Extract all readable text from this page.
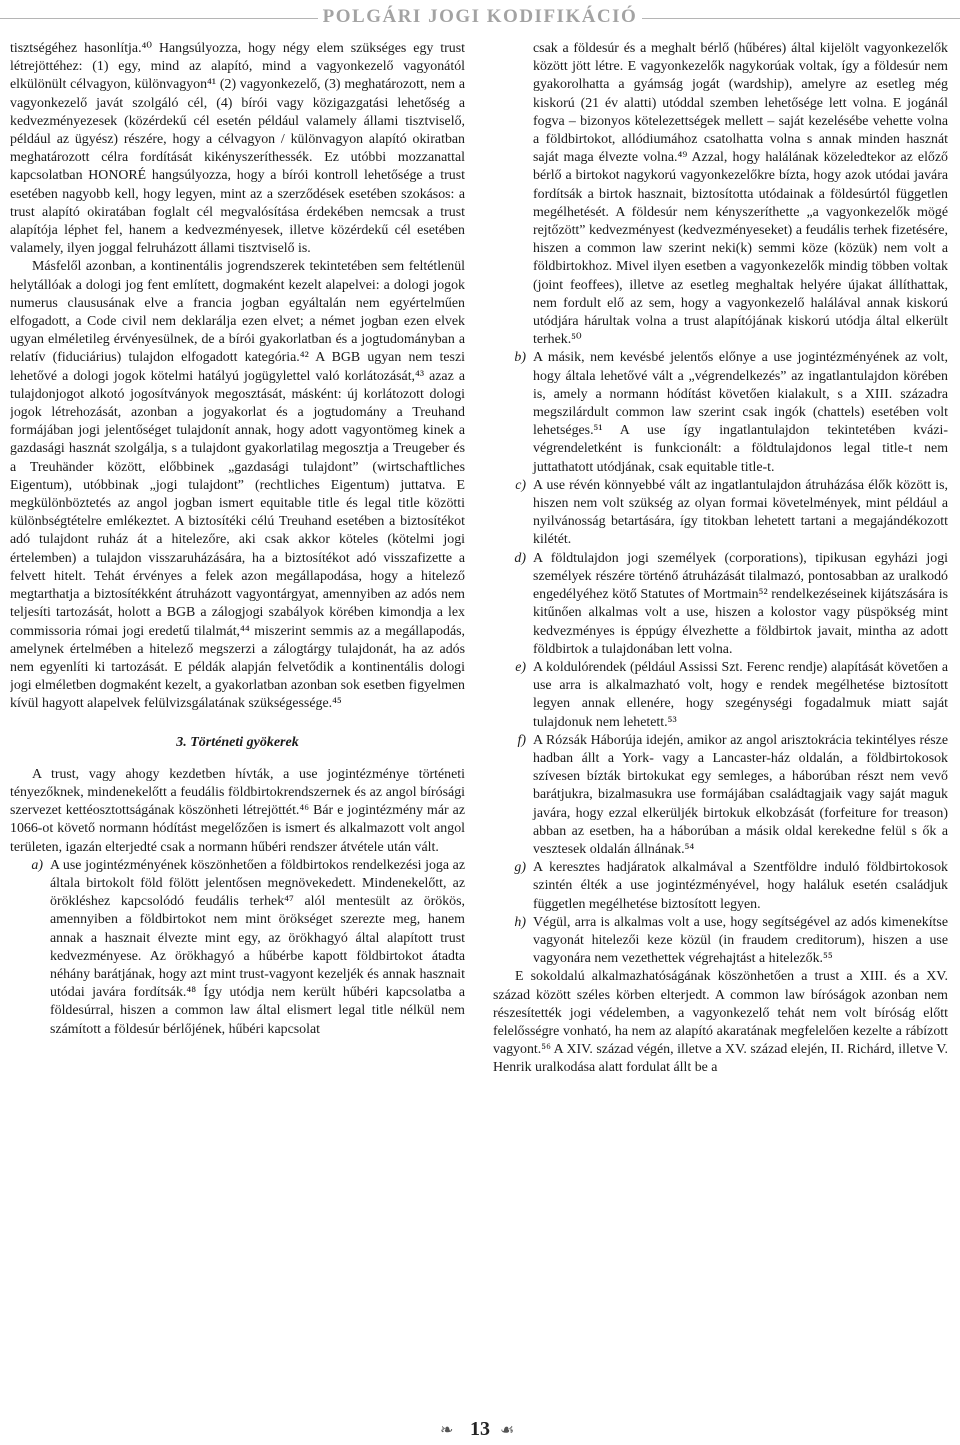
POLGÁRI JOGI KODIFIKÁCIÓ

tisztségéhez hasonlítja.⁴⁰ Hangsúlyozza, hogy négy elem szükséges egy trust létrejöttéhez: (1) egy, mind az alapító, mind a vagyonkezelő vagyonától elkülönült célvagyon, különvagyon⁴¹ (2) vagyonkezelő, (3) meghatározott, nem a vagyonkezelő javát szolgáló cél, (4) bírói vagy közigazgatási lehetőség a kedvezményezesek (közérdekű cél esetén például valamely állami tisztviselő, például az ügyész) részére, hogy a célvagyon / különvagyon alapító okiratban meghatározott célra fordítását kikényszeríthessék. Ez utóbbi mozzanattal kapcsolatban HONORÉ hangsúlyozza, hogy a bírói kontroll lehetősége a trust esetében nagyobb kell, hogy legyen, mint az a szerződések esetében szokásos: a trust alapító okiratában foglalt cél megvalósítása érdekében nemcsak a trust alapítója léphet fel, hanem a kedvezményesek, illetve közérdekű cél esetében valamely, ilyen joggal felruházott állami tisztviselő is.

Másfelől azonban, a kontinentális jogrendszerek tekintetében sem feltétlenül helytállóak a dologi jog fent említett, dogmaként kezelt alapelvei: a dologi jogok numerus claususának elve a francia jogban egyáltalán nem egyértelműen elfogadott, a Code civil nem deklarálja ezen elvet; a német jogban ezen elvek ugyan elméletileg érvényesülnek, de a bírói gyakorlatban és a jogtudományban a relatív (fiduciárius) tulajdon elfogadott kategória.⁴² A BGB ugyan nem teszi lehetővé a dologi jogok kötelmi hatályú jogügylettel való korlátozását,⁴³ azaz a tulajdonjogot alkotó jogosítványok megosztását, másként: új korlátozott dologi jogok létrehozását, azonban a jogyakorlat és a jogtudomány a Treuhand formájában jogi jelentőséget tulajdonít annak, hogy adott vagyontömeg kinek a gazdasági hasznát szolgálja, s a tulajdont gyakorlatilag megosztja a Treugeber és a Treuhänder között, előbbinek „gazdasági tulajdont” (wirtschaftliches Eigentum), utóbbinak „jogi tulajdont” (rechtliches Eigentum) juttatva. E megkülönböztetés az angol jogban ismert equitable title és legal title közötti különbségtételre emlékeztet. A biztosítéki célú Treuhand esetében a biztosítékot adó tulajdont ruház át a hitelezőre, aki csak akkor köteles (kötelmi jogi értelemben) a tulajdon visszaruházására, ha a biztosítékot adó visszafizette a felvett hitelt. Tehát érvényes a felek azon megállapodása, hogy a hitelező megtarthatja a biztosítékként átruházott vagyontárgyat, amennyiben az adós nem teljesíti tartozását, holott a BGB a zálogjogi szabályok körében kimondja a lex commissoria római jogi eredetű tilalmát,⁴⁴ miszerint semmis az a megállapodás, amelynek értelmében a hitelező megszerzi a zálogtárgy tulajdonát, ha az adós nem egyenlíti ki tartozását. E példák alapján felvetődik a kontinentális dologi jogi elméletben dogmaként kezelt, a gyakorlatban azonban sok esetben figyelmen kívül hagyott alapelvek felülvizsgálatának szükségessége.⁴⁵

3. Történeti gyökerek

A trust, vagy ahogy kezdetben hívták, a use jogintézménye történeti tényezőknek, mindenekelőtt a feudális földbirtokrendszernek és az angol bírósági szervezet kettéosztottságának köszönheti létrejöttét.⁴⁶ Bár e jogintézmény már az 1066-ot követő normann hódítást megelőzően is ismert és alkalmazott volt angol területen, igazán elterjedté csak a normann hűbéri rendszer átvétele után vált.

a) A use jogintézményének köszönhetően a földbirtokos rendelkezési joga az általa birtokolt föld fölött jelentősen megnövekedett. Mindenekelőtt, az örökléshez kapcsolódó feudális terhek⁴⁷ alól mentesült az örökös, amennyiben a földbirtokot nem mint örökséget szerezte meg, hanem annak a hasznait élvezte mint egy, az örökhagyó által alapított trust kedvezményese. Az örökhagyó a hűbérbe kapott földbirtokot átadta néhány barátjának, hogy azt mint trust-vagyont kezeljék és annak hasznait utódai javára fordítsák.⁴⁸ Így utódja nem került hűbéri kapcsolatba a földesúrral, hiszen a common law által elismert legal title nélkül nem számított a földesúr bérlőjének, hűbéri kapcsolat

csak a földesúr és a meghalt bérlő (hűbéres) által kijelölt vagyonkezelők között jött létre. E vagyonkezelők nagykorúak voltak, így a földesúr nem gyakorolhatta a gyámság jogát (wardship), amelyre az esetleg még kiskorú (21 év alatti) utóddal szemben lehetősége lett volna. E jogánál fogva – bizonyos kötelezettségek mellett – saját kezelésébe vehette volna a földbirtokot, allódiumához csatolhatta volna s annak minden hasznát saját maga élvezte volna.⁴⁹ Azzal, hogy halálának közeledtekor az előző bérlő a birtokot nagykorú vagyonkezelőkre bízta, hogy azok utódai javára fordítsák a birtok hasznait, biztosította utódainak a földesúrtól független megélhetését. A földesúr nem kényszeríthette „a vagyonkezelők mögé rejtőzött” kedvezményest (kedvezményeseket) a feudális terhek fizetésére, hiszen a common law szerint neki(k) semmi köze (közük) nem volt a földbirtokhoz. Mivel ilyen esetben a vagyonkezelők mindig többen voltak (joint feoffees), illetve az esetleg meghaltak helyére újakat állíthattak, nem fordult elő az sem, hogy a vagyonkezelő halálával annak kiskorú utódjára hárultak volna a trust alapítójának kiskorú utódja által elkerült terhek.⁵⁰

b) A másik, nem kevésbé jelentős előnye a use jogintézményének az volt, hogy általa lehetővé vált a „végrendelkezés” az ingatlantulajdon körében is, amely a normann hódítást követően kialakult, s a XIII. századra megszilárdult common law szerint csak ingók (chattels) esetében volt lehetséges.⁵¹ A use így ingatlantulajdon tekintetében kvázi-végrendeletként is funkcionált: a földtulajdonos legal title-t nem juttathatott utódjának, csak equitable title-t.
c) A use révén könnyebbé vált az ingatlantulajdon átruházása élők között is, hiszen nem volt szükség az olyan formai követelmények, mint például a nyilvánosság betartására, így titokban lehetett tartani a megajándékozott kilétét.
d) A földtulajdon jogi személyek (corporations), tipikusan egyházi jogi személyek részére történő átruházását tilalmazó, pontosabban az uralkodó engedélyéhez kötő Statutes of Mortmain⁵² rendelkezéseinek kijátszására is kitűnően alkalmas volt a use, hiszen a kolostor vagy püspökség mint kedvezményes is éppúgy élvezhette a földbirtok javait, mintha az adott földbirtok a tulajdonában lett volna.
e) A koldulórendek (például Assissi Szt. Ferenc rendje) alapítását követően a use arra is alkalmazható volt, hogy e rendek megélhetése biztosított legyen annak ellenére, hogy szegénységi fogadalmuk miatt saját tulajdonuk nem lehetett.⁵³
f) A Rózsák Háborúja idején, amikor az angol arisztokrácia tekintélyes része hadban állt a York- vagy a Lancaster-ház oldalán, a földbirtokosok szívesen bízták birtokukat egy semleges, a háborúban részt nem vevő barátjukra, bizalmasukra use formájában családtagjaik vagy saját maguk javára, hogy ezzal elkerüljék birtokuk elkobzását (forfeiture for treason) abban az esetben, ha a háborúban a másik oldal kerekedne felül s ők a vesztesek oldalán állnának.⁵⁴
g) A keresztes hadjáratok alkalmával a Szentföldre induló földbirtokosok szintén élték a use jogintézményével, hogy haláluk esetén családjuk független megélhetése biztosított legyen.
h) Végül, arra is alkalmas volt a use, hogy segítségével az adós kimenekítse vagyonát hitelezői keze közül (in fraudem creditorum), hiszen a use vagyonára nem vezethettek végrehajtást a hitelezők.⁵⁵

E sokoldalú alkalmazhatóságának köszönhetően a trust a XIII. és a XV. század között széles körben elterjedt. A common law bíróságok azonban nem részesítették jogi védelemben, a vagyonkezelő tehát nem volt bíróság előtt felelősségre vonható, ha nem az alapító akaratának megfelelően kezelte a rábízott vagyont.⁵⁶ A XIV. század végén, illetve a XV. század elején, II. Richárd, illetve V. Henrik uralkodása alatt fordulat állt be a

❧ 13 ☙
